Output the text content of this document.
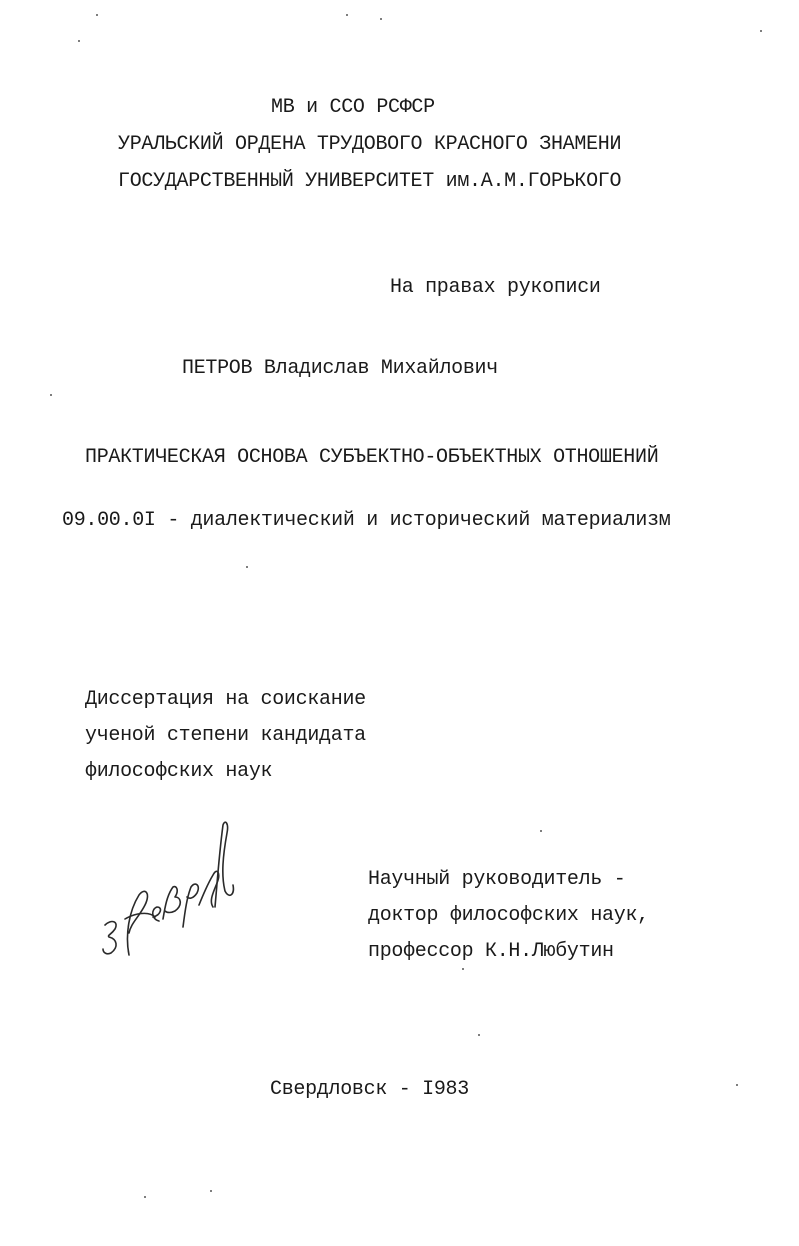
МВ и ССО РСФСР
УРАЛЬСКИЙ ОРДЕНА ТРУДОВОГО КРАСНОГО ЗНАМЕНИ
ГОСУДАРСТВЕННЫЙ УНИВЕРСИТЕТ им.А.М.ГОРЬКОГО
На правах рукописи
ПЕТРОВ Владислав Михайлович
ПРАКТИЧЕСКАЯ ОСНОВА СУБЪЕКТНО-ОБЪЕКТНЫХ ОТНОШЕНИЙ
09.00.0I - диалектический и исторический материализм
Диссертация на соискание
ученой степени кандидата
философских наук
Научный руководитель -
доктор философских наук,
профессор К.Н.Любутин
Свердловск - I983
